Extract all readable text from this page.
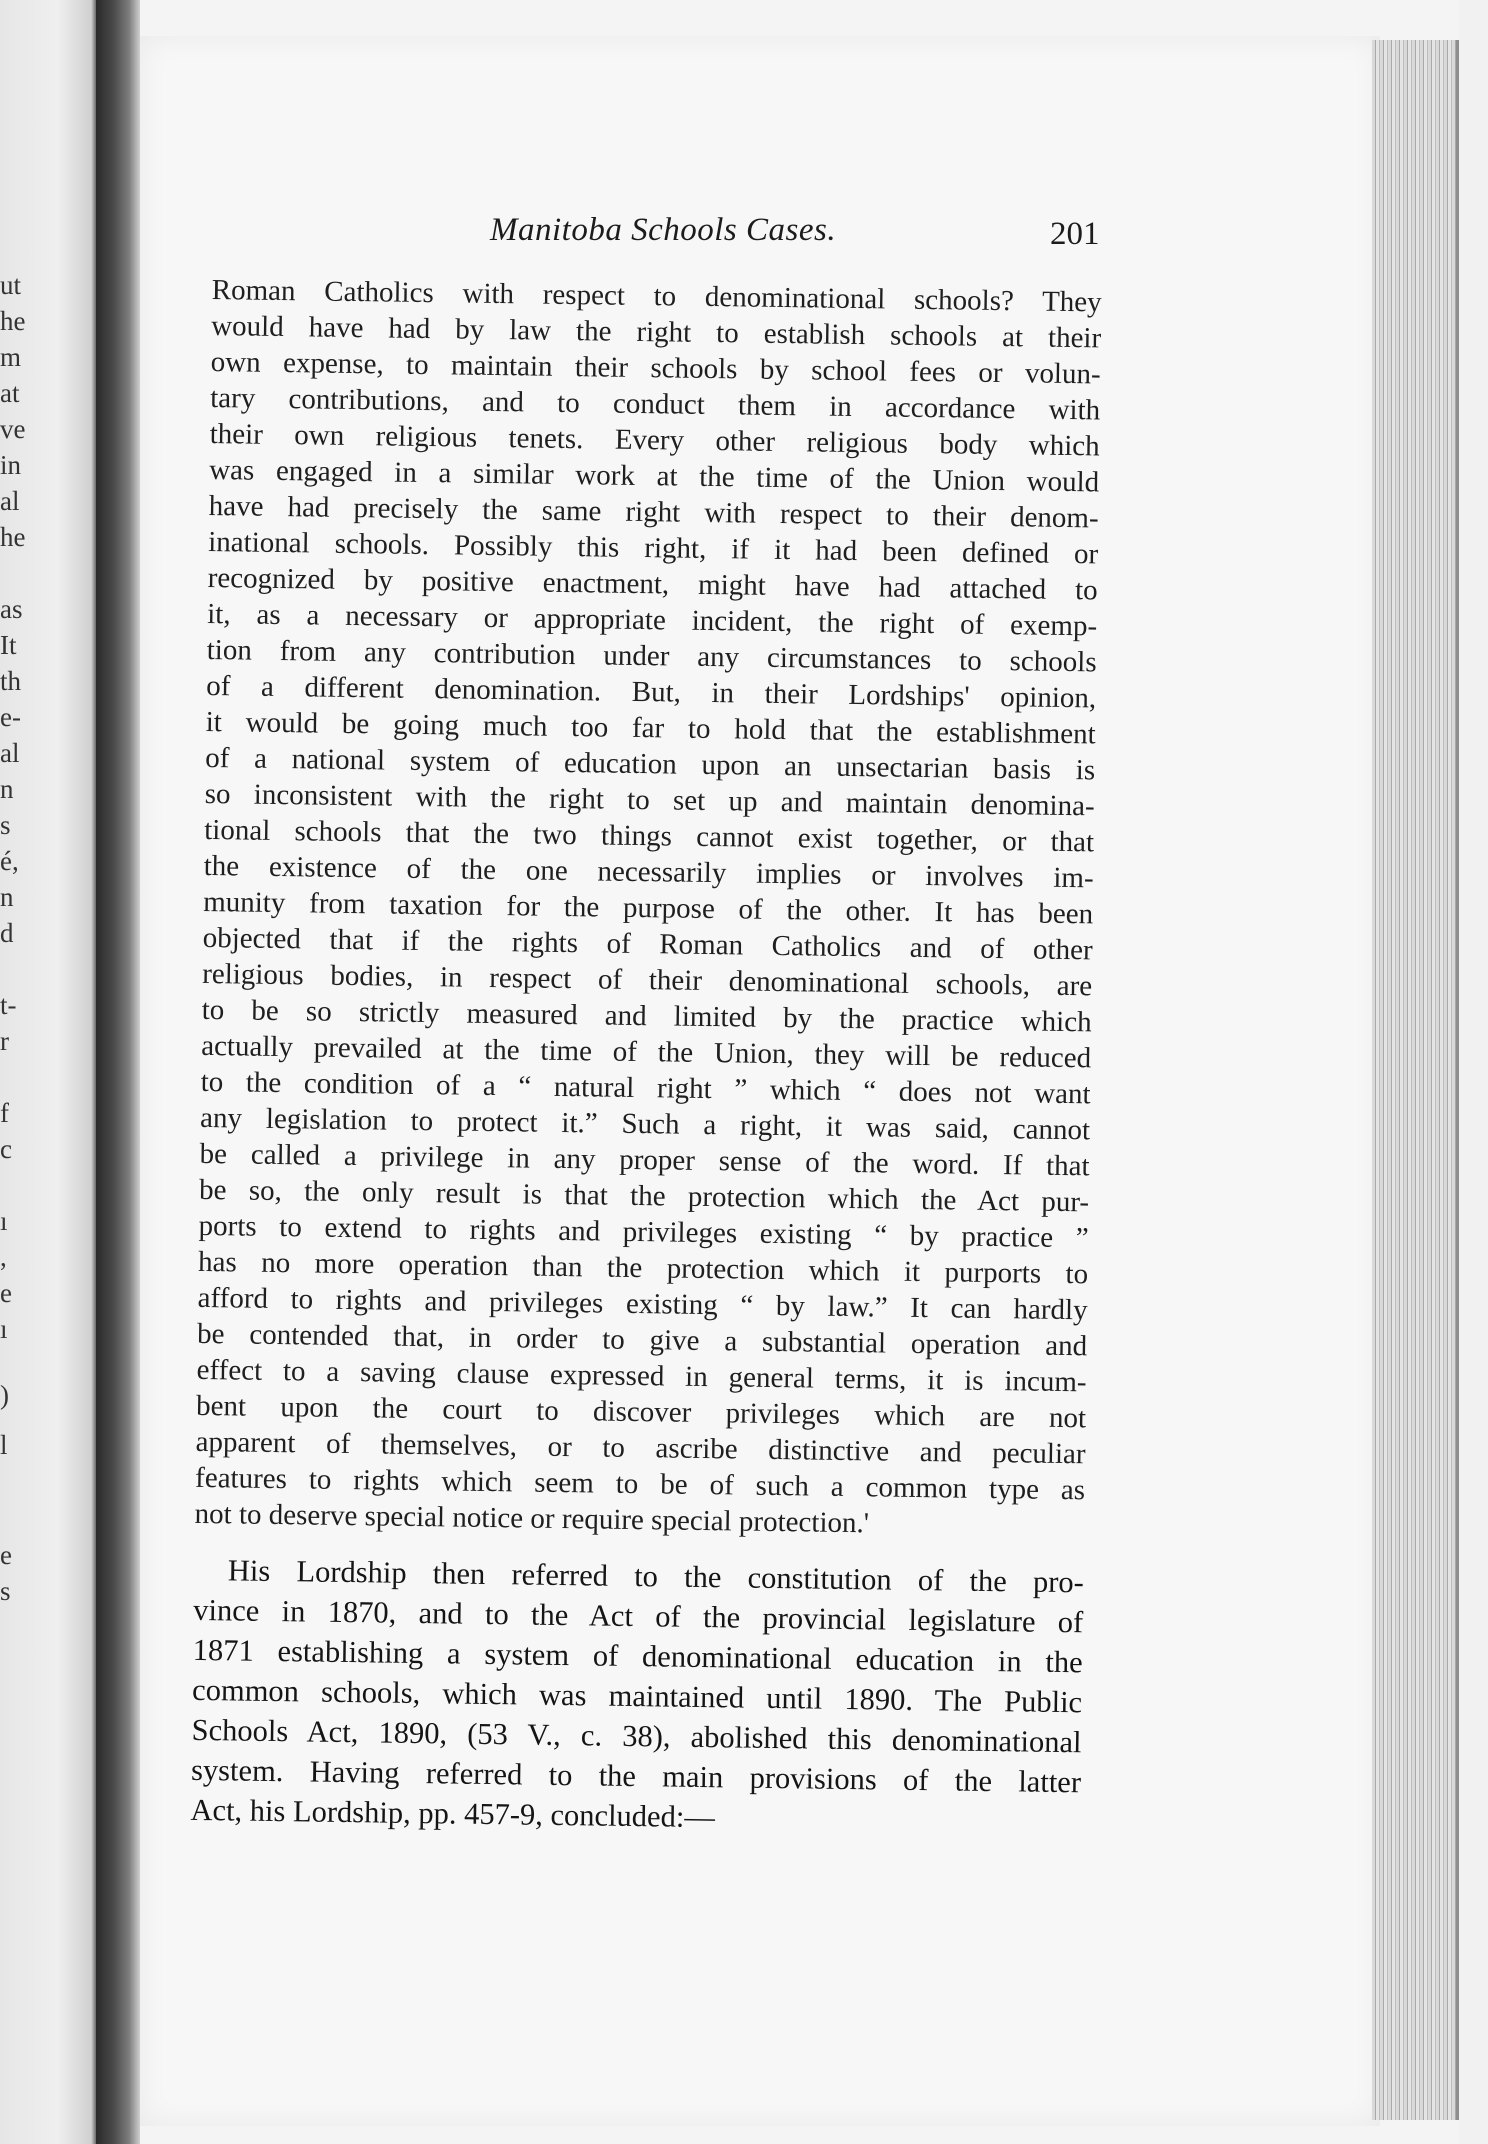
ut
he
m
at
ve
in
al
he
as
It
th
e-
al
n
s
é,
n
d
t-
r
f
c
ı
,
e
ı
)
l
e
s
Manitoba Schools Cases.	201
Roman Catholics with respect to denominational schools? They
would have had by law the right to establish schools at their
own expense, to maintain their schools by school fees or volun-
tary contributions, and to conduct them in accordance with
their own religious tenets. Every other religious body which
was engaged in a similar work at the time of the Union would
have had precisely the same right with respect to their denom-
inational schools. Possibly this right, if it had been defined or
recognized by positive enactment, might have had attached to
it, as a necessary or appropriate incident, the right of exemp-
tion from any contribution under any circumstances to schools
of a different denomination. But, in their Lordships' opinion,
it would be going much too far to hold that the establishment
of a national system of education upon an unsectarian basis is
so inconsistent with the right to set up and maintain denomina-
tional schools that the two things cannot exist together, or that
the existence of the one necessarily implies or involves im-
munity from taxation for the purpose of the other. It has been
objected that if the rights of Roman Catholics and of other
religious bodies, in respect of their denominational schools, are
to be so strictly measured and limited by the practice which
actually prevailed at the time of the Union, they will be reduced
to the condition of a “ natural right ” which “ does not want
any legislation to protect it.” Such a right, it was said, cannot
be called a privilege in any proper sense of the word. If that
be so, the only result is that the protection which the Act pur-
ports to extend to rights and privileges existing “ by practice ”
has no more operation than the protection which it purports to
afford to rights and privileges existing “ by law.” It can hardly
be contended that, in order to give a substantial operation and
effect to a saving clause expressed in general terms, it is incum-
bent upon the court to discover privileges which are not
apparent of themselves, or to ascribe distinctive and peculiar
features to rights which seem to be of such a common type as
not to deserve special notice or require special protection.'
His Lordship then referred to the constitution of the pro-
vince in 1870, and to the Act of the provincial legislature of
1871 establishing a system of denominational education in the
common schools, which was maintained until 1890. The Public
Schools Act, 1890, (53 V., c. 38), abolished this denominational
system. Having referred to the main provisions of the latter
Act, his Lordship, pp. 457-9, concluded:—
